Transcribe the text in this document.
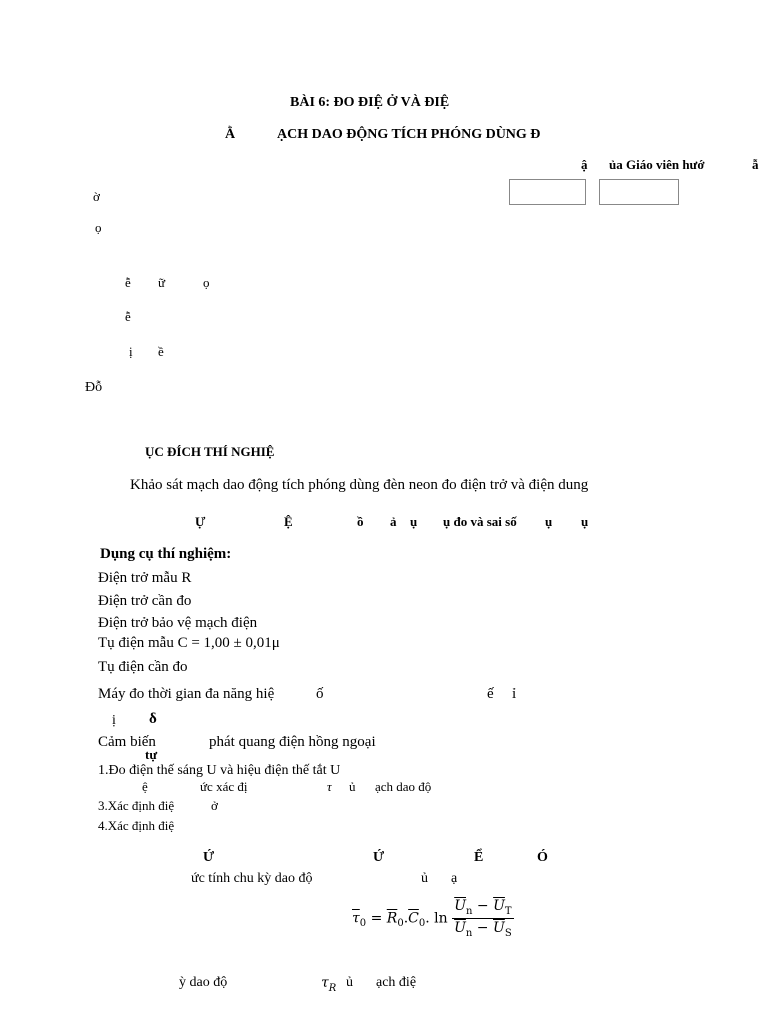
BÀI 6: ĐO ĐIỆ Ở VÀ ĐIỆ
Ằ	ẠCH DAO ĐỘNG TÍCH PHÓNG DÙNG Đ
ậ ủa Giáo viên hướ	ẫ
ờ
ọ
ễ ữ	ọ
ễ
ị ề
Đỗ
ỤC ĐÍCH THÍ NGHIỆ
Khảo sát mạch dao động tích phóng dùng đèn neon đo điện trở và điện dung
Ự	Ệ	ồ ả ụ ụ đo và sai số ụ ụ
Dụng cụ thí nghiệm:
Điện trở mẫu R
Điện trở cần đo
Điện trở bảo vệ mạch điện
Tụ điện mẫu C = 1,00 ± 0,01μ
Tụ điện cần đo
Máy đo thời gian đa năng hiệ	ố	ế ỉ
ị δ
Cảm biến	phát quang điện hồng ngoại
tự
1.Đo điện thế sáng U và hiệu điện thế tắt U
ệ	ức xác đị	τ ủ ạch dao độ
3.Xác định điệ	ở
4.Xác định điệ
Ứ	Ứ	Ể	Ó
ức tính chu kỳ dao độ	ủ ạ
$\overline{\tau}_0 = \overline{R}_0.\overline{C}_0$. $\ln \frac{\overline{U}_n - \overline{U}_T}{\overline{U}_n - \overline{U}_S}$
ỳ dao độ	$\tau_R$ ủ ạch điệ
